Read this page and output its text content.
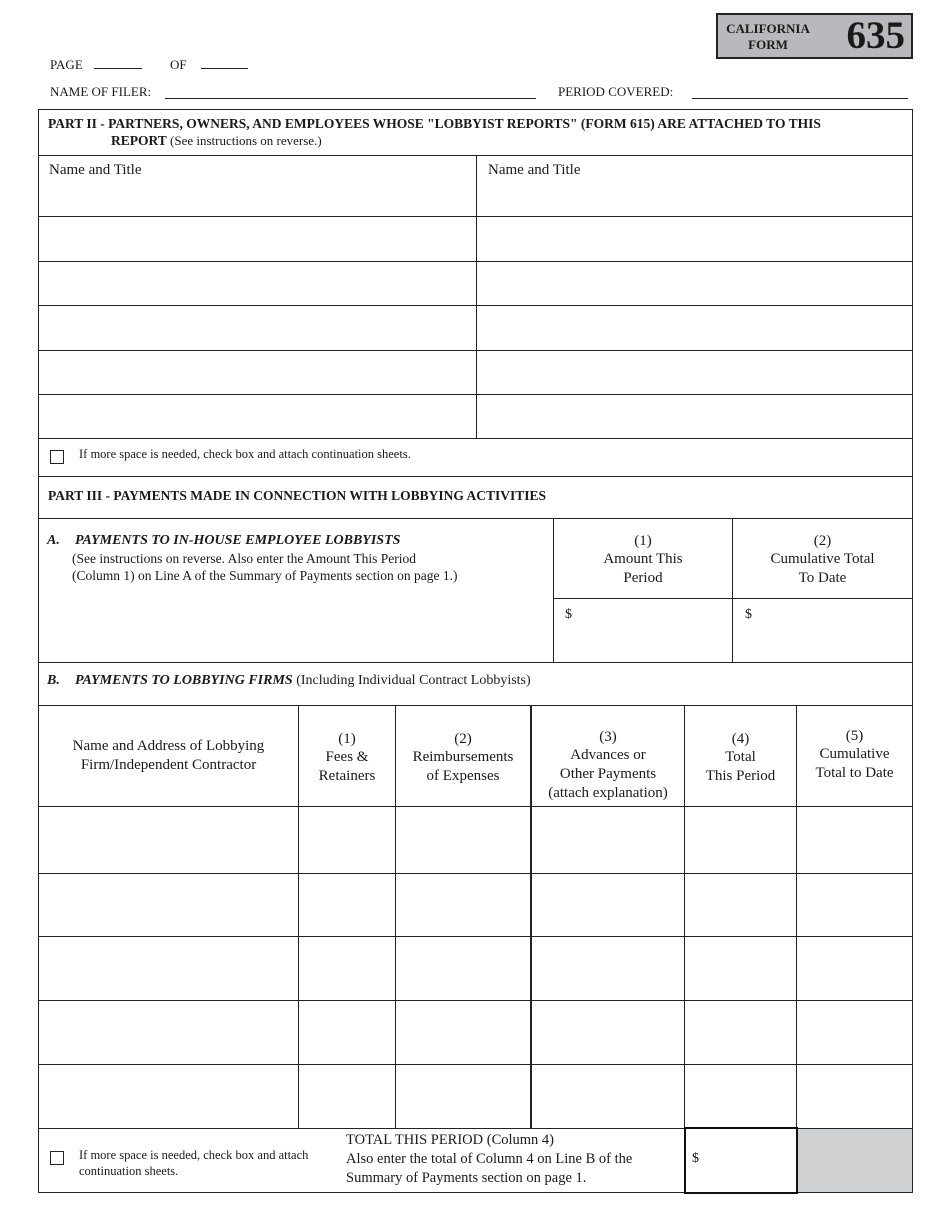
CALIFORNIA
FORM	635
PAGE	OF
NAME OF FILER:	PERIOD COVERED:
PART II - PARTNERS, OWNERS, AND EMPLOYEES WHOSE "LOBBYIST REPORTS" (FORM 615) ARE ATTACHED TO THIS
REPORT (See instructions on reverse.)
Name and Title	Name and Title
If more space is needed, check box and attach continuation sheets.
PART III - PAYMENTS MADE IN CONNECTION WITH LOBBYING ACTIVITIES
A. PAYMENTS TO IN-HOUSE EMPLOYEE LOBBYISTS
(See instructions on reverse. Also enter the Amount This Period
(Column 1) on Line A of the Summary of Payments section on page 1.)
(1)
Amount This
Period
(2)
Cumulative Total
To Date
$	$
B. PAYMENTS TO LOBBYING FIRMS (Including Individual Contract Lobbyists)
Name and Address of Lobbying
Firm/Independent Contractor
(1)
Fees &
Retainers
(2)
Reimbursements
of Expenses
(3)
Advances or
Other Payments
(attach explanation)
(4)
Total
This Period
(5)
Cumulative
Total to Date
If more space is needed, check box and attach
continuation sheets.
TOTAL THIS PERIOD (Column 4)
Also enter the total of Column 4 on Line B of the
Summary of Payments section on page 1.
$
